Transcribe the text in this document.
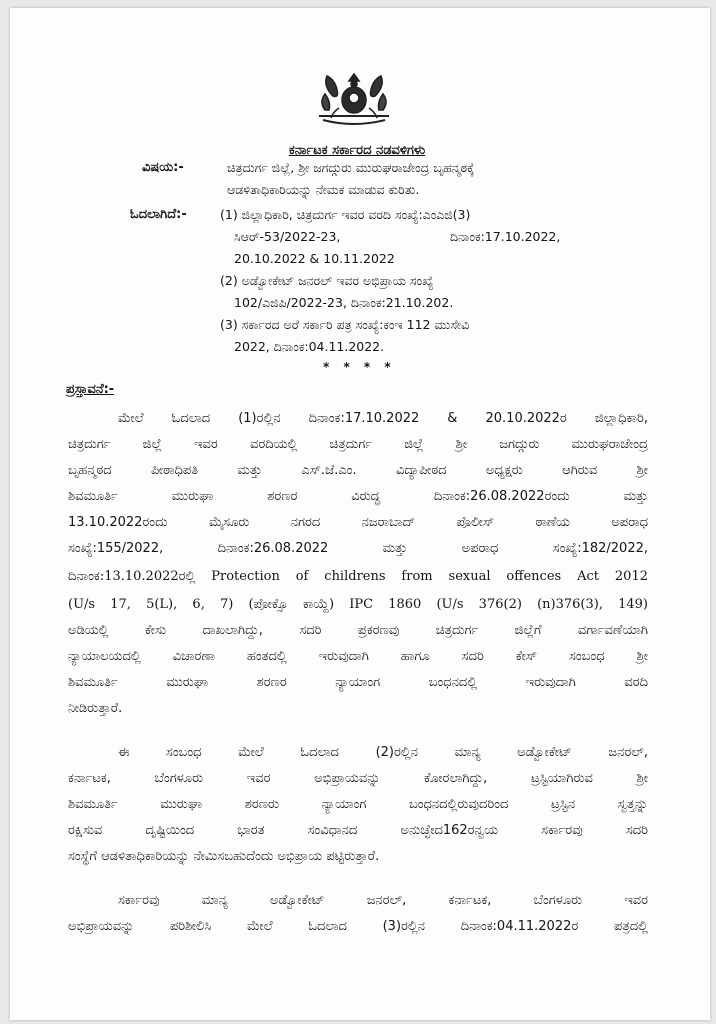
ಕರ್ನಾಟಕ ಸರ್ಕಾರದ ನಡವಳಿಗಳು
ವಿಷಯ:-	ಚಿತ್ರದುರ್ಗ ಜಿಲ್ಲೆ, ಶ್ರೀ ಜಗದ್ಗುರು ಮುರುಘರಾಜೇಂದ್ರ ಬೃಹನ್ಮಠಕ್ಕೆ
ಆಡಳಿತಾಧಿಕಾರಿಯನ್ನು ನೇಮಕ ಮಾಡುವ ಕುರಿತು.
ಓದಲಾಗಿದೆ:-	(1) ಜಿಲ್ಲಾಧಿಕಾರಿ, ಚಿತ್ರದುರ್ಗ ಇವರ ವರದಿ ಸಂಖ್ಯೆ:ಎಂಎಜಿ(3)
ಸಿಆರ್-53/2022-23,	ದಿನಾಂಕ:17.10.2022,
20.10.2022 & 10.11.2022
(2) ಅಡ್ವೋಕೇಟ್ ಜನರಲ್ ಇವರ ಅಭಿಪ್ರಾಯ ಸಂಖ್ಯೆ
102/ಎಜಿಪಿ/2022-23, ದಿನಾಂಕ:21.10.202.
(3) ಸರ್ಕಾರದ ಅರೆ ಸರ್ಕಾರಿ ಪತ್ರ ಸಂಖ್ಯೆ:ಕಂಇ 112 ಮುಸೇವಿ
2022, ದಿನಾಂಕ:04.11.2022.
* * * *
ಪ್ರಸ್ತಾವನೆ:-
ಮೇಲೆ ಓದಲಾದ (1)ರಲ್ಲಿನ ದಿನಾಂಕ:17.10.2022 & 20.10.2022ರ ಜಿಲ್ಲಾಧಿಕಾರಿ,
ಚಿತ್ರದುರ್ಗ ಜಿಲ್ಲೆ ಇವರ ವರದಿಯಲ್ಲಿ ಚಿತ್ರದುರ್ಗ ಜಿಲ್ಲೆ ಶ್ರೀ ಜಗದ್ಗುರು ಮುರುಘರಾಜೇಂದ್ರ
ಬೃಹನ್ಮಠದ ಪೀಠಾಧಿಪತಿ ಮತ್ತು ಎಸ್.ಜೆ.ಎಂ. ವಿದ್ಯಾಪೀಠದ ಅಧ್ಯಕ್ಷರು ಆಗಿರುವ ಶ್ರೀ
ಶಿವಮೂರ್ತಿ ಮುರುಘಾ ಶರಣರ ವಿರುದ್ಧ ದಿನಾಂಕ:26.08.2022ರಂದು ಮತ್ತು
13.10.2022ರಂದು ಮೈಸೂರು ನಗರದ ನಜರಾಬಾದ್ ಪೊಲೀಸ್ ಠಾಣೆಯ ಅಪರಾಧ
ಸಂಖ್ಯೆ:155/2022, ದಿನಾಂಕ:26.08.2022 ಮತ್ತು ಅಪರಾಧ ಸಂಖ್ಯೆ:182/2022,
ದಿನಾಂಕ:13.10.2022ರಲ್ಲಿ Protection of childrens from sexual offences Act 2012
(U/s 17, 5(L), 6, 7) (ಪೋಕ್ಸೊ ಕಾಯ್ದೆ) IPC 1860 (U/s 376(2) (n)376(3), 149)
ಅಡಿಯಲ್ಲಿ ಕೇಸು ದಾಖಲಾಗಿದ್ದು, ಸದರಿ ಪ್ರಕರಣವು ಚಿತ್ರದುರ್ಗ ಜಿಲ್ಲೆಗೆ ವರ್ಗಾವಣೆಯಾಗಿ
ನ್ಯಾಯಾಲಯದಲ್ಲಿ ವಿಚಾರಣಾ ಹಂತದಲ್ಲಿ ಇರುವುದಾಗಿ ಹಾಗೂ ಸದರಿ ಕೇಸ್ ಸಂಬಂಧ ಶ್ರೀ
ಶಿವಮೂರ್ತಿ ಮುರುಘಾ ಶರಣರ ನ್ಯಾಯಾಂಗ ಬಂಧನದಲ್ಲಿ ಇರುವುದಾಗಿ ವರದಿ
ನೀಡಿರುತ್ತಾರೆ.
ಈ ಸಂಬಂಧ ಮೇಲೆ ಓದಲಾದ (2)ರಲ್ಲಿನ ಮಾನ್ಯ ಅಡ್ವೋಕೇಟ್ ಜನರಲ್,
ಕರ್ನಾಟಕ, ಬೆಂಗಳೂರು ಇವರ ಅಭಿಪ್ರಾಯವನ್ನು ಕೋರಲಾಗಿದ್ದು, ಟ್ರಸ್ಟಿಯಾಗಿರುವ ಶ್ರೀ
ಶಿವಮೂರ್ತಿ ಮುರುಘಾ ಶರಣರು ನ್ಯಾಯಾಂಗ ಬಂಧನದಲ್ಲಿರುವುದರಿಂದ ಟ್ರಸ್ಟಿನ ಸ್ವತ್ತನ್ನು
ರಕ್ಷಿಸುವ ದೃಷ್ಟಿಯಿಂದ ಭಾರತ ಸಂವಿಧಾನದ ಅನುಚ್ಛೇದ162ರನ್ವಯ ಸರ್ಕಾರವು ಸದರಿ
ಸಂಸ್ಥೆಗೆ ಆಡಳಿತಾಧಿಕಾರಿಯನ್ನು ನೇಮಿಸಬಹುದೆಂದು ಅಭಿಪ್ರಾಯ ಪಟ್ಟಿರುತ್ತಾರೆ.
ಸರ್ಕಾರವು ಮಾನ್ಯ ಅಡ್ವೋಕೇಟ್ ಜನರಲ್, ಕರ್ನಾಟಕ, ಬೆಂಗಳೂರು ಇವರ
ಅಭಿಪ್ರಾಯವನ್ನು ಪರಿಶೀಲಿಸಿ ಮೇಲೆ ಓದಲಾದ (3)ರಲ್ಲಿನ ದಿನಾಂಕ:04.11.2022ರ ಪತ್ರದಲ್ಲಿ
